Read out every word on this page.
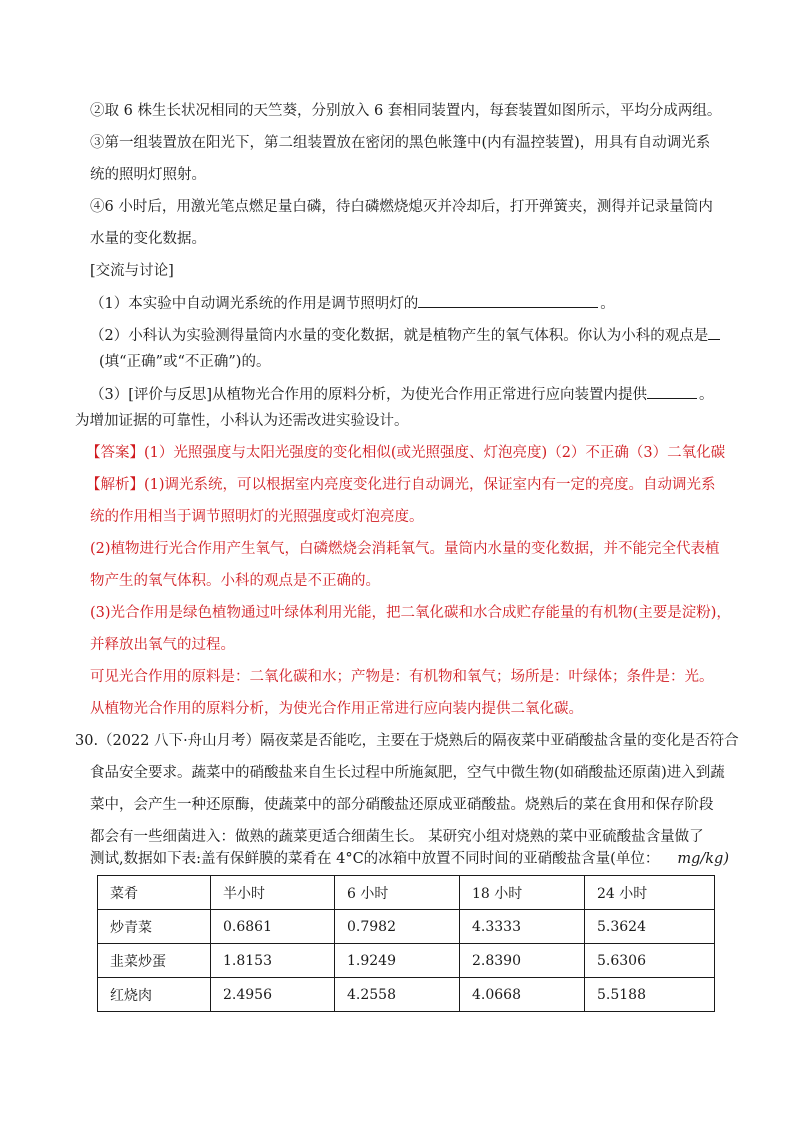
②取 6 株生长状况相同的天竺葵，分别放入 6 套相同装置内，每套装置如图所示，平均分成两组。
③第一组装置放在阳光下，第二组装置放在密闭的黑色帐篷中(内有温控装置)，用具有自动调光系
统的照明灯照射。
④6 小时后，用激光笔点燃足量白磷，待白磷燃烧熄灭并冷却后，打开弹簧夹，测得并记录量筒内
水量的变化数据。
[交流与讨论]
（1）本实验中自动调光系统的作用是调节照明灯的	。
（2）小科认为实验测得量筒内水量的变化数据，就是植物产生的氧气体积。你认为小科的观点是
(填“正确”或“不正确”)的。
（3）[评价与反思]从植物光合作用的原料分析，为使光合作用正常进行应向装置内提供	。
为增加证据的可靠性，小科认为还需改进实验设计。
【答案】(1）光照强度与太阳光强度的变化相似(或光照强度、灯泡亮度)（2）不正确（3）二氧化碳
【解析】(1)调光系统，可以根据室内亮度变化进行自动调光，保证室内有一定的亮度。自动调光系
统的作用相当于调节照明灯的光照强度或灯泡亮度。
(2)植物进行光合作用产生氧气，白磷燃烧会消耗氧气。量筒内水量的变化数据，并不能完全代表植
物产生的氧气体积。小科的观点是不正确的。
(3)光合作用是绿色植物通过叶绿体利用光能，把二氧化碳和水合成贮存能量的有机物(主要是淀粉)，
并释放出氧气的过程。
可见光合作用的原料是：二氧化碳和水；产物是：有机物和氧气；场所是：叶绿体；条件是：光。
从植物光合作用的原料分析，为使光合作用正常进行应向装内提供二氧化碳。
30.（2022 八下·舟山月考）隔夜菜是否能吃，主要在于烧熟后的隔夜菜中亚硝酸盐含量的变化是否符合
食品安全要求。蔬菜中的硝酸盐来自生长过程中所施氮肥，空气中微生物(如硝酸盐还原菌)进入到蔬
菜中，会产生一种还原酶，使蔬菜中的部分硝酸盐还原成亚硝酸盐。烧熟后的菜在食用和保存阶段
都会有一些细菌进入：做熟的蔬菜更适合细菌生长。 某研究小组对烧熟的菜中亚硫酸盐含量做了
测试,数据如下表:盖有保鲜膜的菜肴在 4°C的冰箱中放置不同时间的亚硝酸盐含量(单位： mg/kg)
菜肴	半小时	6 小时	18 小时	24 小时
炒青菜	0.6861	0.7982	4.3333	5.3624
韭菜炒蛋	1.8153	1.9249	2.8390	5.6306
红烧肉	2.4956	4.2558	4.0668	5.5188
